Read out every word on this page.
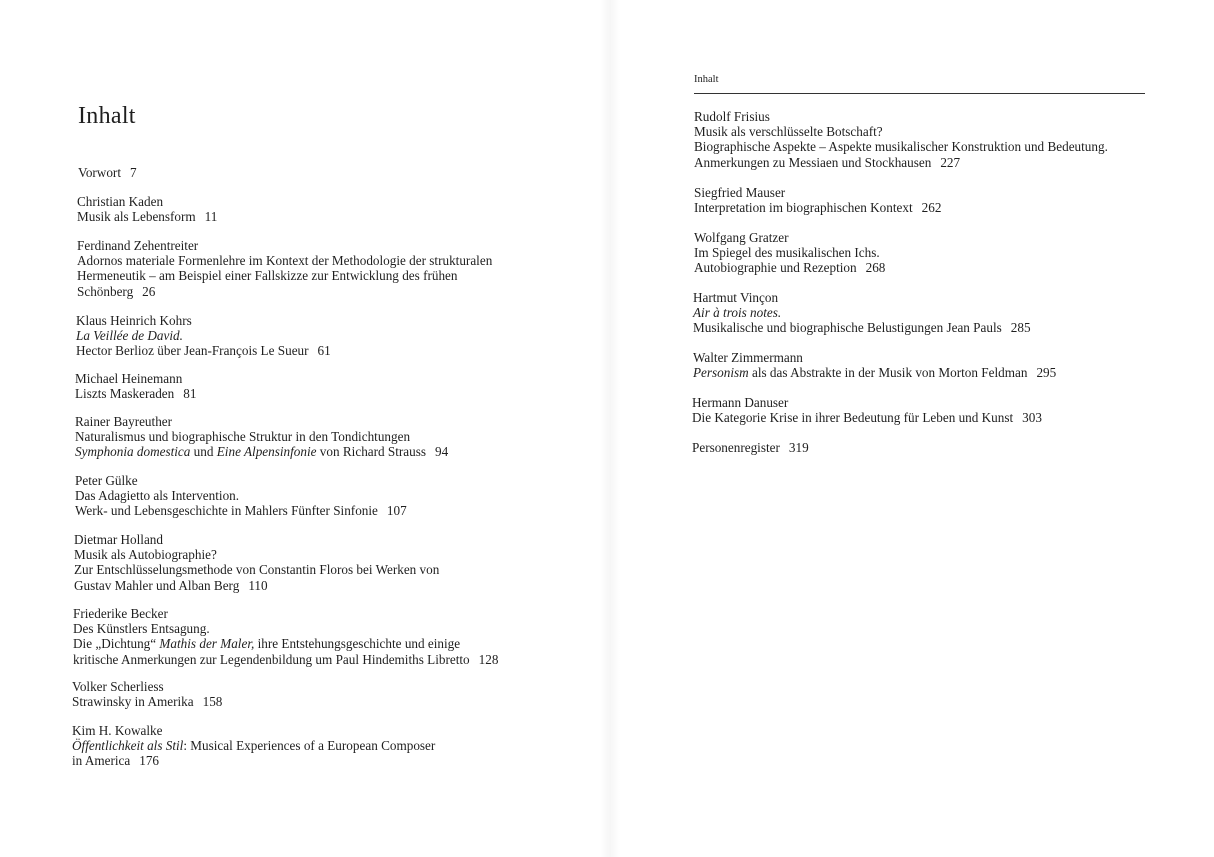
Inhalt
Vorwort 7
Christian Kaden
Musik als Lebensform 11
Ferdinand Zehentreiter
Adornos materiale Formenlehre im Kontext der Methodologie der strukturalen
Hermeneutik – am Beispiel einer Fallskizze zur Entwicklung des frühen
Schönberg 26
Klaus Heinrich Kohrs
La Veillée de David.
Hector Berlioz über Jean-François Le Sueur 61
Michael Heinemann
Liszts Maskeraden 81
Rainer Bayreuther
Naturalismus und biographische Struktur in den Tondichtungen
Symphonia domestica und Eine Alpensinfonie von Richard Strauss 94
Peter Gülke
Das Adagietto als Intervention.
Werk- und Lebensgeschichte in Mahlers Fünfter Sinfonie 107
Dietmar Holland
Musik als Autobiographie?
Zur Entschlüsselungsmethode von Constantin Floros bei Werken von
Gustav Mahler und Alban Berg 110
Friederike Becker
Des Künstlers Entsagung.
Die „Dichtung“ Mathis der Maler, ihre Entstehungsgeschichte und einige
kritische Anmerkungen zur Legendenbildung um Paul Hindemiths Libretto 128
Volker Scherliess
Strawinsky in Amerika 158
Kim H. Kowalke
Öffentlichkeit als Stil: Musical Experiences of a European Composer
in America 176
Inhalt
Rudolf Frisius
Musik als verschlüsselte Botschaft?
Biographische Aspekte – Aspekte musikalischer Konstruktion und Bedeutung.
Anmerkungen zu Messiaen und Stockhausen 227
Siegfried Mauser
Interpretation im biographischen Kontext 262
Wolfgang Gratzer
Im Spiegel des musikalischen Ichs.
Autobiographie und Rezeption 268
Hartmut Vinçon
Air à trois notes.
Musikalische und biographische Belustigungen Jean Pauls 285
Walter Zimmermann
Personism als das Abstrakte in der Musik von Morton Feldman 295
Hermann Danuser
Die Kategorie Krise in ihrer Bedeutung für Leben und Kunst 303
Personenregister 319
